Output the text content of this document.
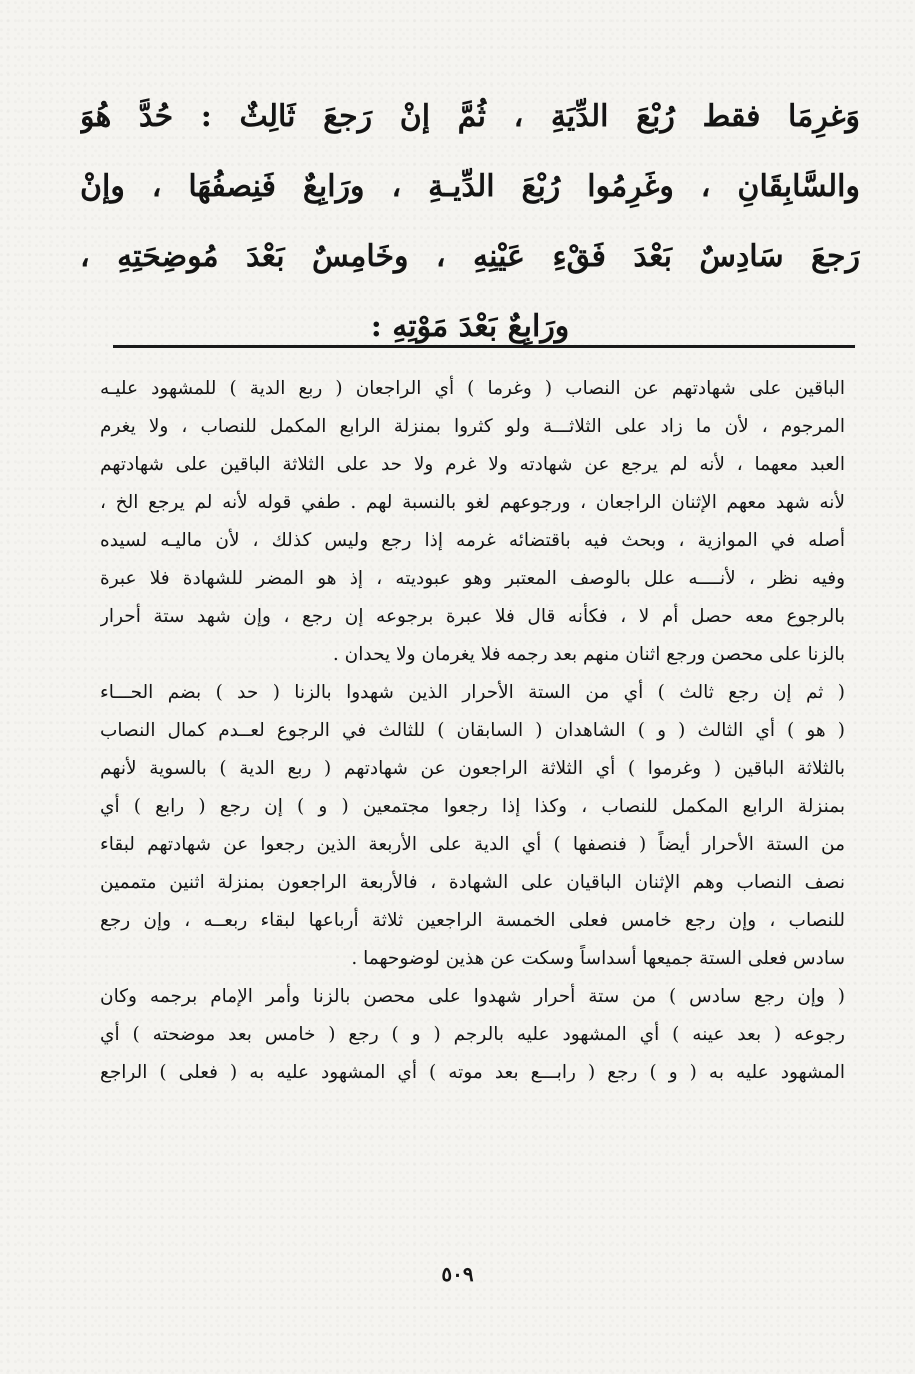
وَغرِمَا فقط رُبْعَ الدِّيَةِ ، ثُمَّ إنْ رَجعَ ثَالِثٌ : حُدَّ هُوَ
والسَّابِقَانِ ، وغَرِمُوا رُبْعَ الدِّيـةِ ، ورَابِعٌ فَنِصفُهَا ، وإنْ
رَجعَ سَادِسٌ بَعْدَ فَقْءِ عَيْنِهِ ، وخَامِسٌ بَعْدَ مُوضِحَتِهِ ،
ورَابِعٌ بَعْدَ مَوْتِهِ :
الباقين على شهادتهم عن النصاب ( وغرما ) أي الراجعان ( ربع الدية ) للمشهود عليـه
المرجوم ، لأن ما زاد على الثلاثـــة ولو كثروا بمنزلة الرابع المكمل للنصاب ، ولا يغرم
العبد معهما ، لأنه لم يرجع عن شهادته ولا غرم ولا حد على الثلاثة الباقين على شهادتهم
لأنه شهد معهم الإثنان الراجعان ، ورجوعهم لغو بالنسبة لهم . طفي قوله لأنه لم يرجع الخ ،
أصله في الموازية ، وبحث فيه باقتضائه غرمه إذا رجع وليس كذلك ، لأن ماليـه لسيده
وفيه نظر ، لأنــــه علل بالوصف المعتبر وهو عبوديته ، إذ هو المضر للشهادة فلا عبرة
بالرجوع معه حصل أم لا ، فكأنه قال فلا عبرة برجوعه إن رجع ، وإن شهد ستة أحرار
بالزنا على محصن ورجع اثنان منهم بعد رجمه فلا يغرمان ولا يحدان .
( ثم إن رجع ثالث ) أي من الستة الأحرار الذين شهدوا بالزنا ( حد ) بضم الحـــاء
( هو ) أي الثالث ( و ) الشاهدان ( السابقان ) للثالث في الرجوع لعــدم كمال النصاب
بالثلاثة الباقين ( وغرموا ) أي الثلاثة الراجعون عن شهادتهم ( ربع الدية ) بالسوية لأنهم
بمنزلة الرابع المكمل للنصاب ، وكذا إذا رجعوا مجتمعين ( و ) إن رجع ( رابع ) أي
من الستة الأحرار أيضاً ( فنصفها ) أي الدية على الأربعة الذين رجعوا عن شهادتهم لبقاء
نصف النصاب وهم الإثنان الباقيان على الشهادة ، فالأربعة الراجعون بمنزلة اثنين متممين
للنصاب ، وإن رجع خامس فعلى الخمسة الراجعين ثلاثة أرباعها لبقاء ربعــه ، وإن رجع
سادس فعلى الستة جميعها أسداساً وسكت عن هذين لوضوحهما .
( وإن رجع سادس ) من ستة أحرار شهدوا على محصن بالزنا وأمر الإمام برجمه وكان
رجوعه ( بعد عينه ) أي المشهود عليه بالرجم ( و ) رجع ( خامس بعد موضحته ) أي
المشهود عليه به ( و ) رجع ( رابـــع بعد موته ) أي المشهود عليه به ( فعلى ) الراجع
٥٠٩
